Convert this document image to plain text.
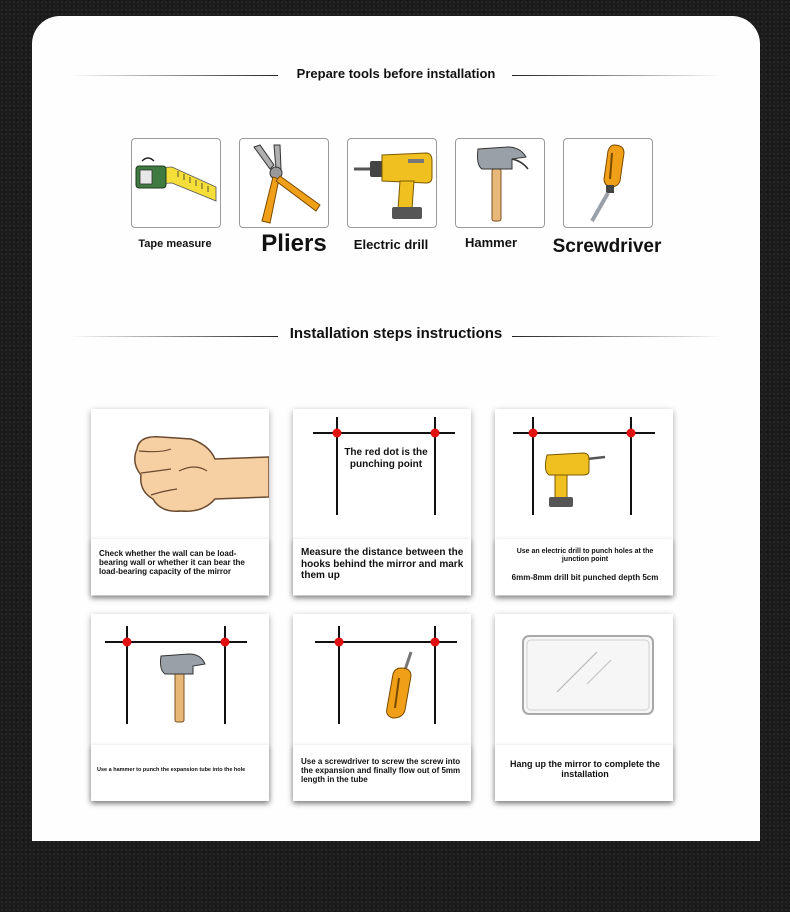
Prepare tools before installation
Tape measure	Pliers	Electric drill	Hammer	Screwdriver
Installation steps instructions
Check whether the wall can be load-bearing wall or whether it can bear the load-bearing capacity of the mirror
The red dot is the punching point
Measure the distance between the hooks behind the mirror and mark them up
Use an electric drill to punch holes at the junction point
6mm-8mm drill bit punched depth 5cm
Use a hammer to punch the expansion tube into the hole
Use a screwdriver to screw the screw into the expansion and finally flow out of 5mm length in the tube
Hang up the mirror to complete the installation
